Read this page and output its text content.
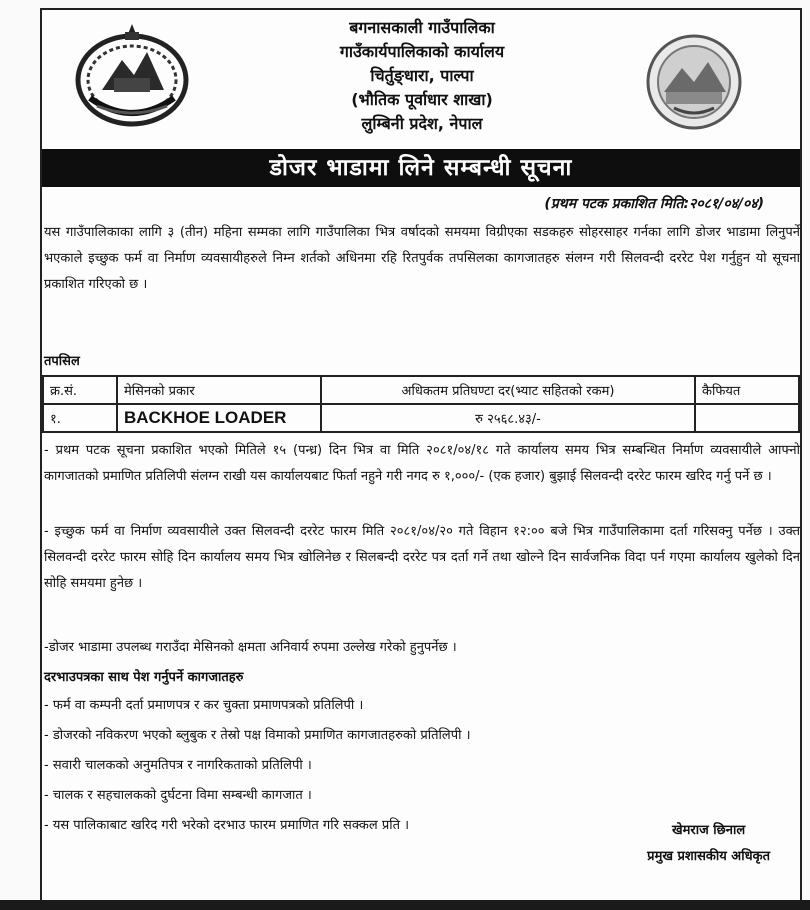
बगनासकाली गाउँपालिका
गाउँकार्यपालिकाको कार्यालय
चिर्तुङ्धारा, पाल्पा
(भौतिक पूर्वाधार शाखा)
लुम्बिनी प्रदेश, नेपाल
डोजर भाडामा लिने सम्बन्धी सूचना
(प्रथम पटक प्रकाशित मिति:२०८१/०४/०४)
यस गाउँपालिकाका लागि ३ (तीन) महिना सम्मका लागि गाउँपालिका भित्र वर्षादको समयमा विग्रीएका सडकहरु सोहरसाहर गर्नका लागि डोजर भाडामा लिनुपर्ने भएकाले इच्छुक फर्म वा निर्माण व्यवसायीहरुले निम्न शर्तको अधिनमा रहि रितपुर्वक तपसिलका कागजातहरु संलग्न गरी सिलवन्दी दररेट पेश गर्नुहुन यो सूचना प्रकाशित गरिएको छ ।
तपसिल
क्र.सं.	मेसिनको प्रकार	अधिकतम प्रतिघण्टा दर(भ्याट सहितको रकम)	कैफियत
१.	BACKHOE LOADER	रु २५६८.४३/-	
- प्रथम पटक सूचना प्रकाशित भएको मितिले १५ (पन्ध्र) दिन भित्र वा मिति २०८१/०४/१८ गते कार्यालय समय भित्र सम्बन्धित निर्माण व्यवसायीले आफ्नो कागजातको प्रमाणित प्रतिलिपी संलग्न राखी यस कार्यालयबाट फिर्ता नहुने गरी नगद रु १,०००/- (एक हजार) बुझाई सिलवन्दी दररेट फारम खरिद गर्नु पर्ने छ ।
- इच्छुक फर्म वा निर्माण व्यवसायीले उक्त सिलवन्दी दररेट फारम मिति २०८१/०४/२० गते विहान १२:०० बजे भित्र गाउँपालिकामा दर्ता गरिसक्नु पर्नेछ । उक्त सिलवन्दी दररेट फारम सोहि दिन कार्यालय समय भित्र खोलिनेछ र सिलबन्दी दररेट पत्र दर्ता गर्ने तथा खोल्ने दिन सार्वजनिक विदा पर्न गएमा कार्यालय खुलेको दिन सोहि समयमा हुनेछ ।
-डोजर भाडामा उपलब्ध गराउँदा मेसिनको क्षमता अनिवार्य रुपमा उल्लेख गरेको हुनुपर्नेछ ।
दरभाउपत्रका साथ पेश गर्नुपर्ने कागजातहरु
- फर्म वा कम्पनी दर्ता प्रमाणपत्र र कर चुक्ता प्रमाणपत्रको प्रतिलिपी ।
- डोजरको नविकरण भएको ब्लुबुक र तेस्रो पक्ष विमाको प्रमाणित कागजातहरुको प्रतिलिपी ।
- सवारी चालकको अनुमतिपत्र र नागरिकताको प्रतिलिपी ।
- चालक र सहचालकको दुर्घटना विमा सम्बन्धी कागजात ।
- यस पालिकाबाट खरिद गरी भरेको दरभाउ फारम प्रमाणित गरि सक्कल प्रति ।	खेमराज छिनाल
प्रमुख प्रशासकीय अधिकृत
